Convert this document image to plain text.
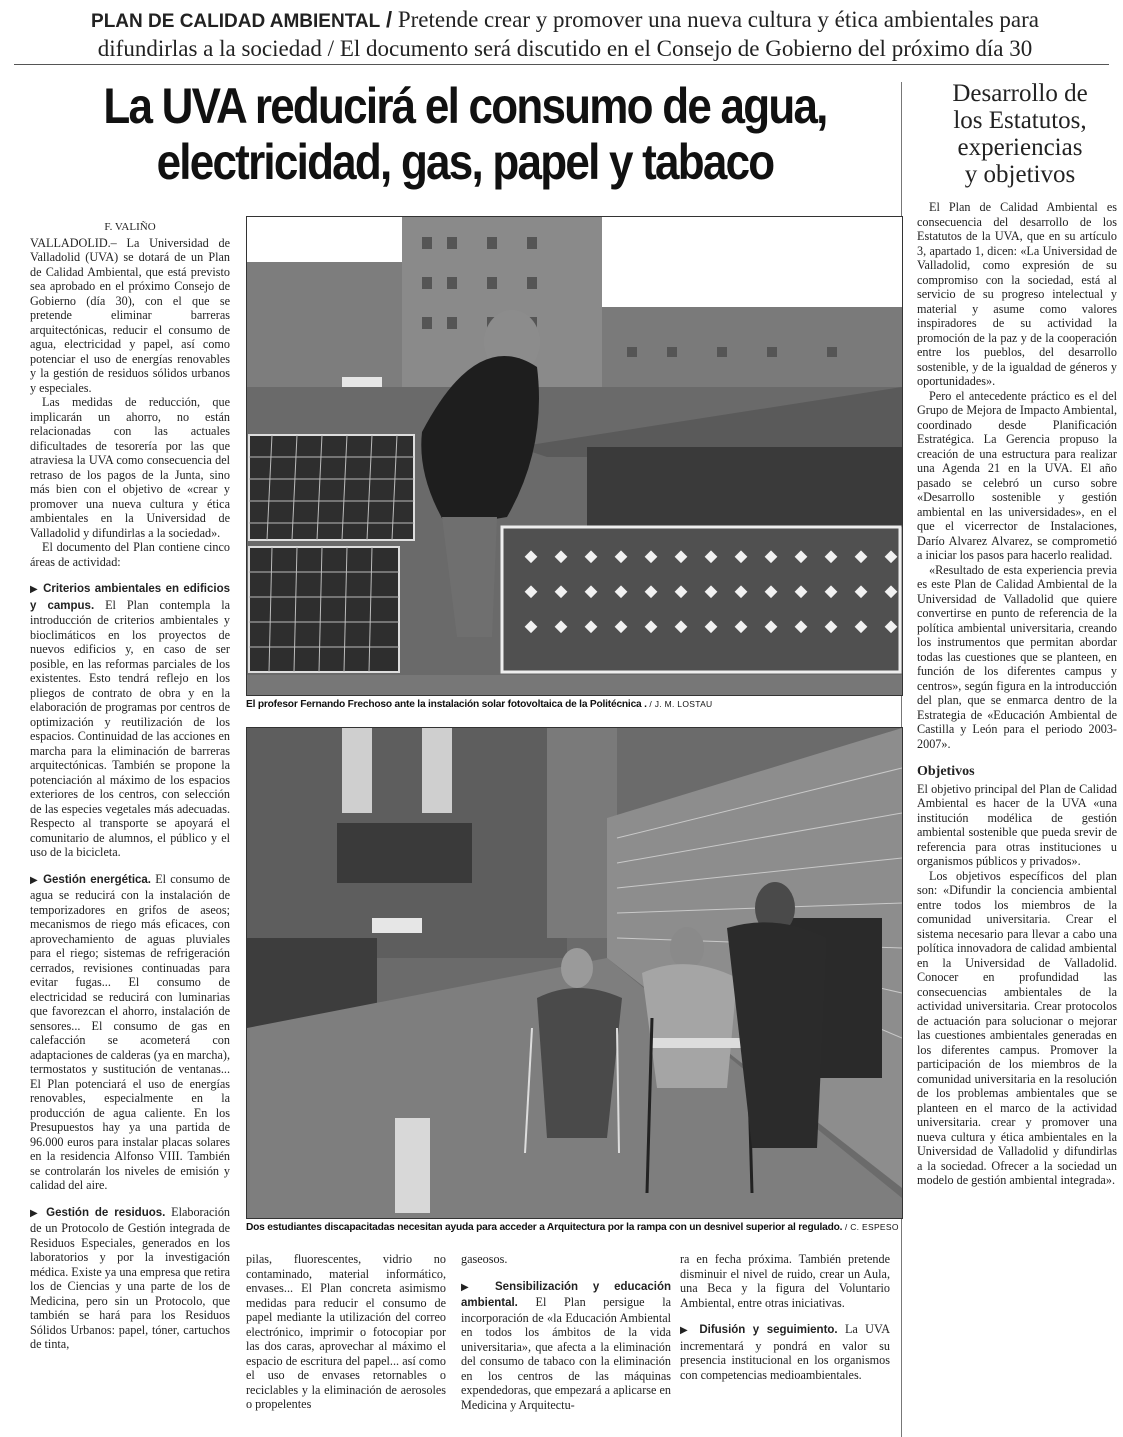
PLAN DE CALIDAD AMBIENTAL / Pretende crear y promover una nueva cultura y ética ambientales para difundirlas a la sociedad / El documento será discutido en el Consejo de Gobierno del próximo día 30
La UVA reducirá el consumo de agua,
electricidad, gas, papel y tabaco
Desarrollo de
los Estatutos,
experiencias
y objetivos
F. VALIÑO

VALLADOLID.– La Universidad de Valladolid (UVA) se dotará de un Plan de Calidad Ambiental, que está previsto sea aprobado en el próximo Consejo de Gobierno (día 30), con el que se pretende eliminar barreras arquitectónicas, reducir el consumo de agua, electricidad y papel, así como potenciar el uso de energías renovables y la gestión de residuos sólidos urbanos y especiales.

Las medidas de reducción, que implicarán un ahorro, no están relacionadas con las actuales dificultades de tesorería por las que atraviesa la UVA como consecuencia del retraso de los pagos de la Junta, sino más bien con el objetivo de «crear y promover una nueva cultura y ética ambientales en la Universidad de Valladolid y difundirlas a la sociedad».

El documento del Plan contiene cinco áreas de actividad:

▶ Criterios ambientales en edificios y campus. El Plan contempla la introducción de criterios ambientales y bioclimáticos en los proyectos de nuevos edificios y, en caso de ser posible, en las reformas parciales de los existentes. Esto tendrá reflejo en los pliegos de contrato de obra y en la elaboración de programas por centros de optimización y reutilización de los espacios. Continuidad de las acciones en marcha para la eliminación de barreras arquitectónicas. También se propone la potenciación al máximo de los espacios exteriores de los centros, con selección de las especies vegetales más adecuadas. Respecto al transporte se apoyará el comunitario de alumnos, el público y el uso de la bicicleta.

▶ Gestión energética. El consumo de agua se reducirá con la instalación de temporizadores en grifos de aseos; mecanismos de riego más eficaces, con aprovechamiento de aguas pluviales para el riego; sistemas de refrigeración cerrados, revisiones continuadas para evitar fugas... El consumo de electricidad se reducirá con luminarias que favorezcan el ahorro, instalación de sensores... El consumo de gas en calefacción se acometerá con adaptaciones de calderas (ya en marcha), termostatos y sustitución de ventanas... El Plan potenciará el uso de energías renovables, especialmente en la producción de agua caliente. En los Presupuestos hay ya una partida de 96.000 euros para instalar placas solares en la residencia Alfonso VIII. También se controlarán los niveles de emisión y calidad del aire.

▶ Gestión de residuos. Elaboración de un Protocolo de Gestión integrada de Residuos Especiales, generados en los laboratorios y por la investigación médica. Existe ya una empresa que retira los de Ciencias y una parte de los de Medicina, pero sin un Protocolo, que también se hará para los Residuos Sólidos Urbanos: papel, tóner, cartuchos de tinta,

El profesor Fernando Frechoso ante la instalación solar fotovoltaica de la Politécnica . / J. M. LOSTAU
Dos estudiantes discapacitadas necesitan ayuda para acceder a Arquitectura por la rampa con un desnivel superior al regulado. / C. ESPESO

pilas, fluorescentes, vidrio no contaminado, material informático, envases... El Plan concreta asimismo medidas para reducir el consumo de papel mediante la utilización del correo electrónico, imprimir o fotocopiar por las dos caras, aprovechar al máximo el espacio de escritura del papel... así como el uso de envases retornables o reciclables y la eliminación de aerosoles o propelentes

gaseosos.

▶ Sensibilización y educación ambiental. El Plan persigue la incorporación de «la Educación Ambiental en todos los ámbitos de la vida universitaria», que afecta a la eliminación del consumo de tabaco con la eliminación en los centros de las máquinas expendedoras, que empezará a aplicarse en Medicina y Arquitectu-

ra en fecha próxima. También pretende disminuir el nivel de ruido, crear un Aula, una Beca y la figura del Voluntario Ambiental, entre otras iniciativas.

▶ Difusión y seguimiento. La UVA incrementará y pondrá en valor su presencia institucional en los organismos con competencias medioambientales.

El Plan de Calidad Ambiental es consecuencia del desarrollo de los Estatutos de la UVA, que en su artículo 3, apartado 1, dicen: «La Universidad de Valladolid, como expresión de su compromiso con la sociedad, está al servicio de su progreso intelectual y material y asume como valores inspiradores de su actividad la promoción de la paz y de la cooperación entre los pueblos, del desarrollo sostenible, y de la igualdad de géneros y oportunidades».

Pero el antecedente práctico es el del Grupo de Mejora de Impacto Ambiental, coordinado desde Planificación Estratégica. La Gerencia propuso la creación de una estructura para realizar una Agenda 21 en la UVA. El año pasado se celebró un curso sobre «Desarrollo sostenible y gestión ambiental en las universidades», en el que el vicerrector de Instalaciones, Darío Alvarez Alvarez, se comprometió a iniciar los pasos para hacerlo realidad.

«Resultado de esta experiencia previa es este Plan de Calidad Ambiental de la Universidad de Valladolid que quiere convertirse en punto de referencia de la política ambiental universitaria, creando los instrumentos que permitan abordar todas las cuestiones que se planteen, en función de los diferentes campus y centros», según figura en la introducción del plan, que se enmarca dentro de la Estrategia de «Educación Ambiental de Castilla y León para el periodo 2003-2007».

Objetivos

El objetivo principal del Plan de Calidad Ambiental es hacer de la UVA «una institución modélica de gestión ambiental sostenible que pueda srevir de referencia para otras instituciones u organismos públicos y privados».

Los objetivos específicos del plan son: «Difundir la conciencia ambiental entre todos los miembros de la comunidad universitaria. Crear el sistema necesario para llevar a cabo una política innovadora de calidad ambiental en la Universidad de Valladolid. Conocer en profundidad las consecuencias ambientales de la actividad universitaria. Crear protocolos de actuación para solucionar o mejorar las cuestiones ambientales generadas en los diferentes campus. Promover la participación de los miembros de la comunidad universitaria en la resolución de los problemas ambientales que se planteen en el marco de la actividad universitaria. crear y promover una nueva cultura y ética ambientales en la Universidad de Valladolid y difundirlas a la sociedad. Ofrecer a la sociedad un modelo de gestión ambiental integrada».
